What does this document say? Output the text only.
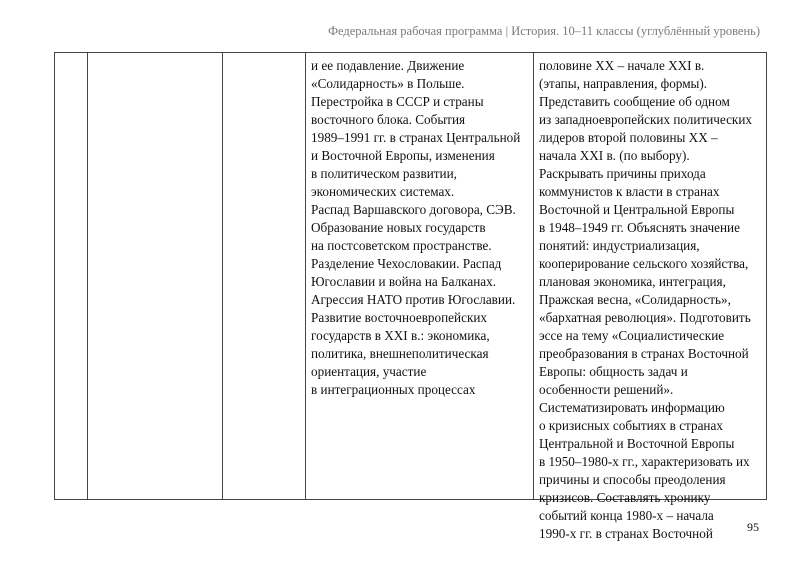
Федеральная рабочая программа | История. 10–11 классы (углублённый уровень)
и ее подавление. Движение
«Солидарность» в Польше.
Перестройка в СССР и страны
восточного блока. События
1989–1991 гг. в странах Центральной
и Восточной Европы, изменения
в политическом развитии,
экономических системах.
Распад Варшавского договора, СЭВ.
Образование новых государств
на постсоветском пространстве.
Разделение Чехословакии. Распад
Югославии и война на Балканах.
Агрессия НАТО против Югославии.
Развитие восточноевропейских
государств в XXI в.: экономика,
политика, внешнеполитическая
ориентация, участие
в интеграционных процессах
половине XX – начале XXI в.
(этапы, направления, формы).
Представить сообщение об одном
из западноевропейских политических
лидеров второй половины XX –
начала XXI в. (по выбору).
Раскрывать причины прихода
коммунистов к власти в странах
Восточной и Центральной Европы
в 1948–1949 гг. Объяснять значение
понятий: индустриализация,
кооперирование сельского хозяйства,
плановая экономика, интеграция,
Пражская весна, «Солидарность»,
«бархатная революция». Подготовить
эссе на тему «Социалистические
преобразования в странах Восточной
Европы: общность задач и
особенности решений».
Систематизировать информацию
о кризисных событиях в странах
Центральной и Восточной Европы
в 1950–1980-х гг., характеризовать их
причины и способы преодоления
кризисов. Составлять хронику
событий конца 1980-х – начала
1990-х гг. в странах Восточной	95
